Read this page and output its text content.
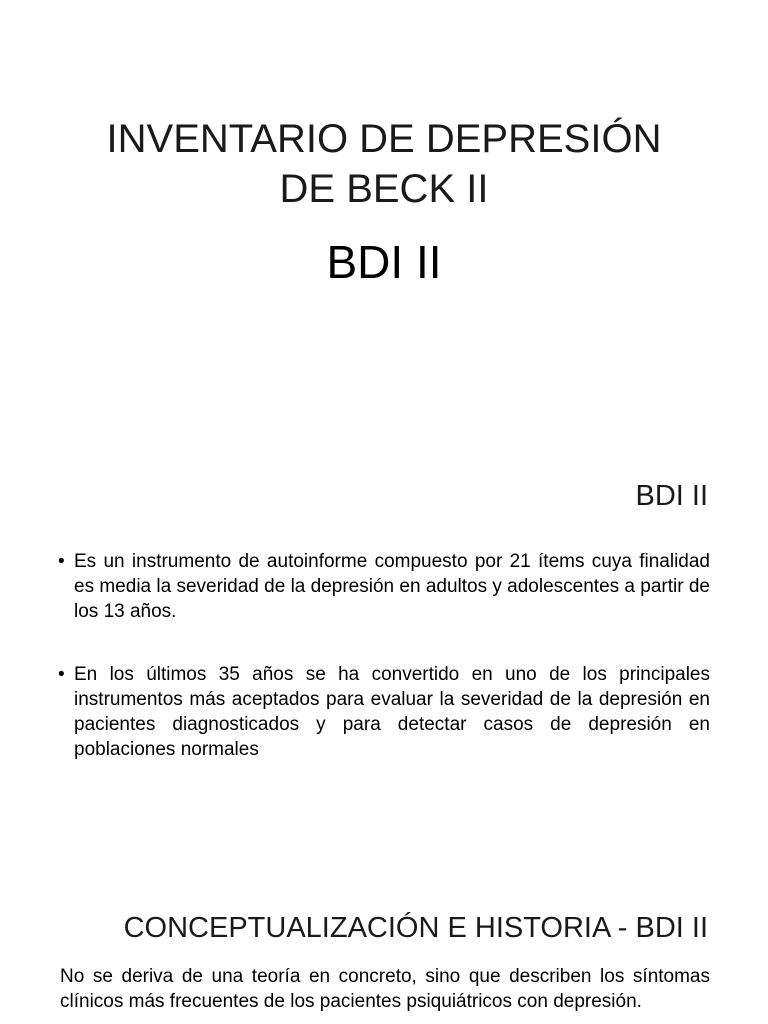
INVENTARIO DE DEPRESIÓN
DE BECK II
BDI II
BDI II
• Es un instrumento de autoinforme compuesto por 21 ítems cuya finalidad es media la severidad de la depresión en adultos y adolescentes a partir de los 13 años.
• En los últimos 35 años se ha convertido en uno de los principales instrumentos más aceptados para evaluar la severidad de la depresión en pacientes diagnosticados y para detectar casos de depresión en poblaciones normales
CONCEPTUALIZACIÓN E HISTORIA - BDI II

No se deriva de una teoría en concreto, sino que describen los síntomas clínicos más frecuentes de los pacientes psiquiátricos con depresión.
